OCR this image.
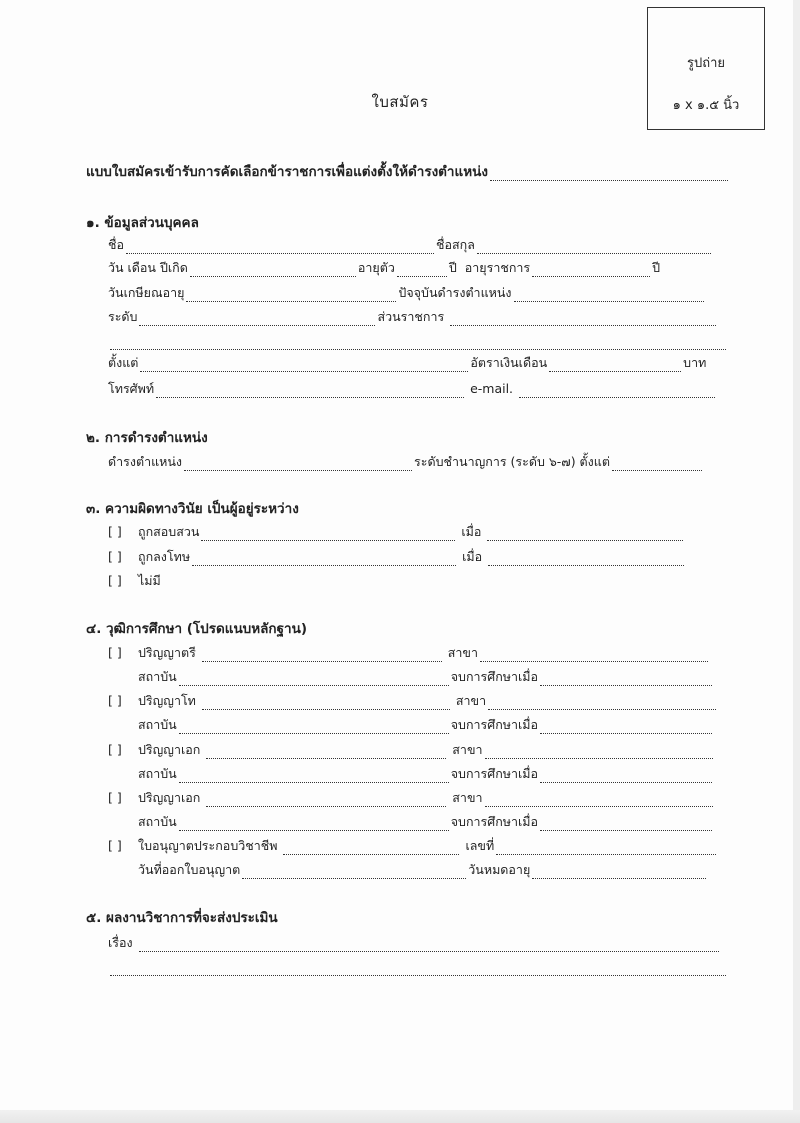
รูปถ่าย
๑ x ๑.๕ นิ้ว
ใบสมัคร
แบบใบสมัครเข้ารับการคัดเลือกข้าราชการเพื่อแต่งตั้งให้ดำรงตำแหน่ง
๑. ข้อมูลส่วนบุคคล
ชื่อ	ชื่อสกุล
วัน เดือน ปีเกิด	อายุตัว	ปี อายุราชการ	ปี
วันเกษียณอายุ	ปัจจุบันดำรงตำแหน่ง
ระดับ	ส่วนราชการ
ตั้งแต่	อัตราเงินเดือน	บาท
โทรศัพท์	e-mail.
๒. การดำรงตำแหน่ง
ดำรงตำแหน่ง	ระดับชำนาญการ (ระดับ ๖-๗) ตั้งแต่
๓. ความผิดทางวินัย เป็นผู้อยู่ระหว่าง
[ ] ถูกสอบสวน	เมื่อ
[ ] ถูกลงโทษ	เมื่อ
[ ] ไม่มี
๔. วุฒิการศึกษา (โปรดแนบหลักฐาน)
[ ] ปริญญาตรี	สาขา
สถาบัน	จบการศึกษาเมื่อ
[ ] ปริญญาโท	สาขา
สถาบัน	จบการศึกษาเมื่อ
[ ] ปริญญาเอก	สาขา
สถาบัน	จบการศึกษาเมื่อ
[ ] ปริญญาเอก	สาขา
สถาบัน	จบการศึกษาเมื่อ
[ ] ใบอนุญาตประกอบวิชาชีพ	เลขที่
วันที่ออกใบอนุญาต	วันหมดอายุ
๕. ผลงานวิชาการที่จะส่งประเมิน
เรื่อง
